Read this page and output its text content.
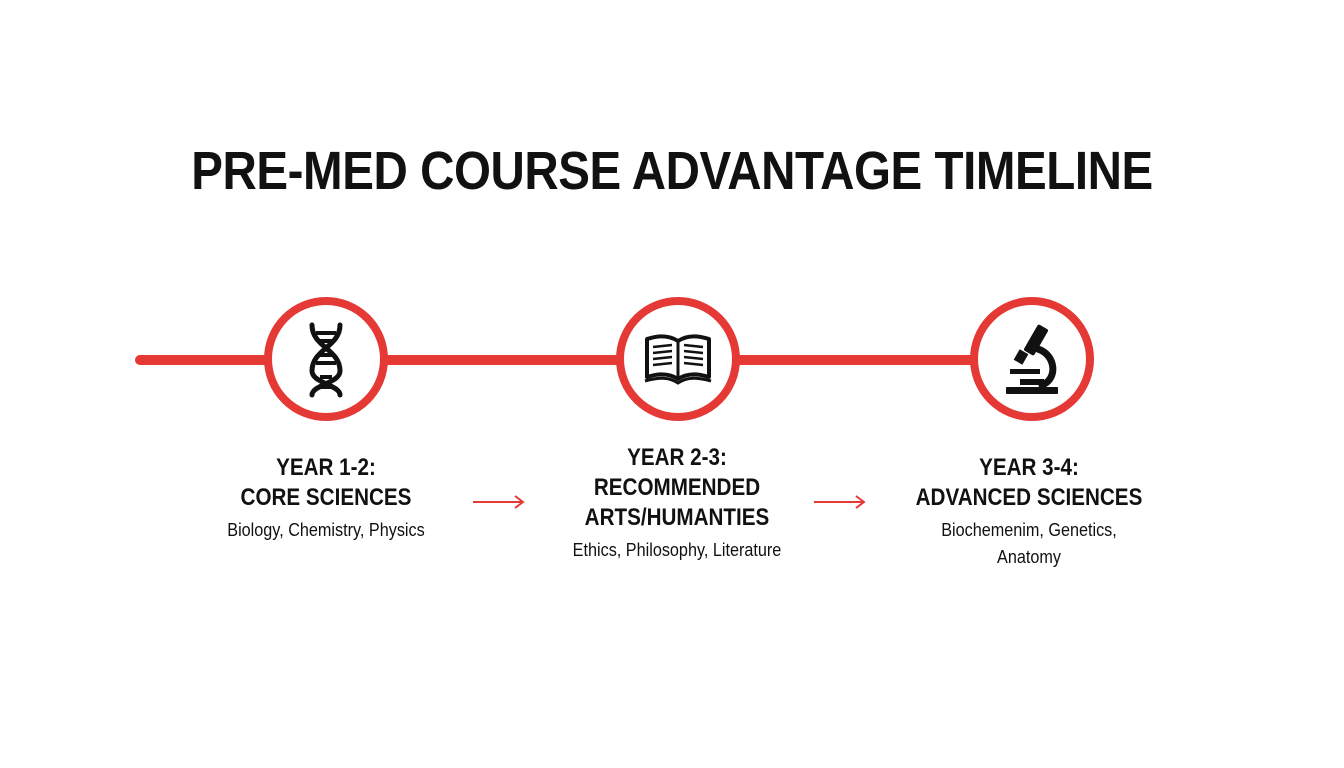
PRE-MED COURSE ADVANTAGE TIMELINE
YEAR 1-2:
CORE SCIENCES
Biology, Chemistry, Physics
YEAR 2-3:
RECOMMENDED
ARTS/HUMANTIES
Ethics, Philosophy, Literature
YEAR 3-4:
ADVANCED SCIENCES
Biochemenim, Genetics,
Anatomy
